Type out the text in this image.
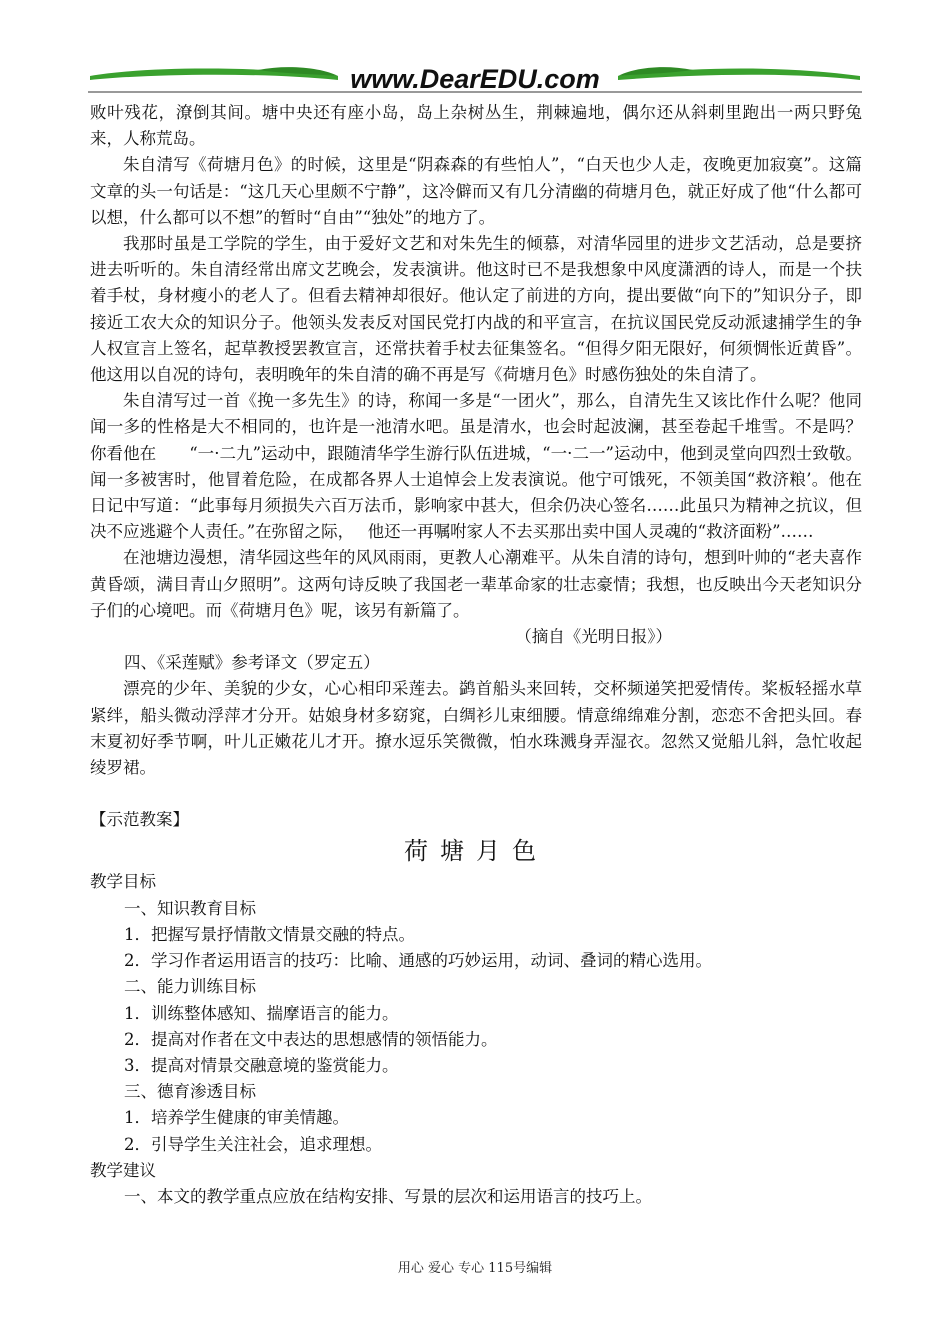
www.DearEDU.com

败叶残花，潦倒其间。塘中央还有座小岛，岛上杂树丛生，荆棘遍地，偶尔还从斜刺里跑出一两只野兔来，人称荒岛。

朱自清写《荷塘月色》的时候，这里是“阴森森的有些怕人”，“白天也少人走，夜晚更加寂寞”。这篇文章的头一句话是：“这几天心里颇不宁静”，这冷僻而又有几分清幽的荷塘月色，就正好成了他“什么都可以想，什么都可以不想”的暂时“自由”“独处”的地方了。

我那时虽是工学院的学生，由于爱好文艺和对朱先生的倾慕，对清华园里的进步文艺活动，总是要挤进去听听的。朱自清经常出席文艺晚会，发表演讲。他这时已不是我想象中风度潇洒的诗人，而是一个扶着手杖，身材瘦小的老人了。但看去精神却很好。他认定了前进的方向，提出要做“向下的”知识分子，即接近工农大众的知识分子。他领头发表反对国民党打内战的和平宣言，在抗议国民党反动派逮捕学生的争人权宣言上签名，起草教授罢教宣言，还常扶着手杖去征集签名。“但得夕阳无限好，何须惆怅近黄昏”。他这用以自况的诗句，表明晚年的朱自清的确不再是写《荷塘月色》时感伤独处的朱自清了。

朱自清写过一首《挽一多先生》的诗，称闻一多是“一团火”，那么，自清先生又该比作什么呢？他同闻一多的性格是大不相同的，也许是一池清水吧。虽是清水，也会时起波澜，甚至卷起千堆雪。不是吗？你看他在　　“一·二九”运动中，跟随清华学生游行队伍进城，“一·二一”运动中，他到灵堂向四烈士致敬。闻一多被害时，他冒着危险，在成都各界人士追悼会上发表演说。他宁可饿死，不领美国“救济粮’。他在日记中写道：“此事每月须损失六百万法币，影响家中甚大，但余仍决心签名……此虽只为精神之抗议，但决不应逃避个人责任。”在弥留之际，　 他还一再嘱咐家人不去买那出卖中国人灵魂的“救济面粉”……

在池塘边漫想，清华园这些年的风风雨雨，更教人心潮难平。从朱自清的诗句，想到叶帅的“老夫喜作黄昏颂，满目青山夕照明”。这两句诗反映了我国老一辈革命家的壮志豪情；我想，也反映出今天老知识分子们的心境吧。而《荷塘月色》呢，该另有新篇了。

（摘自《光明日报》）

四、《采莲赋》参考译文（罗定五）

漂亮的少年、美貌的少女，心心相印采莲去。鹢首船头来回转，交杯频递笑把爱情传。桨板轻摇水草紧绊，船头微动浮萍才分开。姑娘身材多窈窕，白绸衫儿束细腰。情意绵绵难分割，恋恋不舍把头回。春末夏初好季节啊，叶儿正嫩花儿才开。撩水逗乐笑微微，怕水珠溅身弄湿衣。忽然又觉船儿斜，急忙收起绫罗裙。

【示范教案】

荷塘月色

教学目标

一、知识教育目标

1．把握写景抒情散文情景交融的特点。

2．学习作者运用语言的技巧：比喻、通感的巧妙运用，动词、叠词的精心选用。

二、能力训练目标

1．训练整体感知、揣摩语言的能力。

2．提高对作者在文中表达的思想感情的领悟能力。

3．提高对情景交融意境的鉴赏能力。

三、德育渗透目标

1．培养学生健康的审美情趣。

2．引导学生关注社会，追求理想。

教学建议

一、本文的教学重点应放在结构安排、写景的层次和运用语言的技巧上。

用心 爱心 专心 115号编辑
